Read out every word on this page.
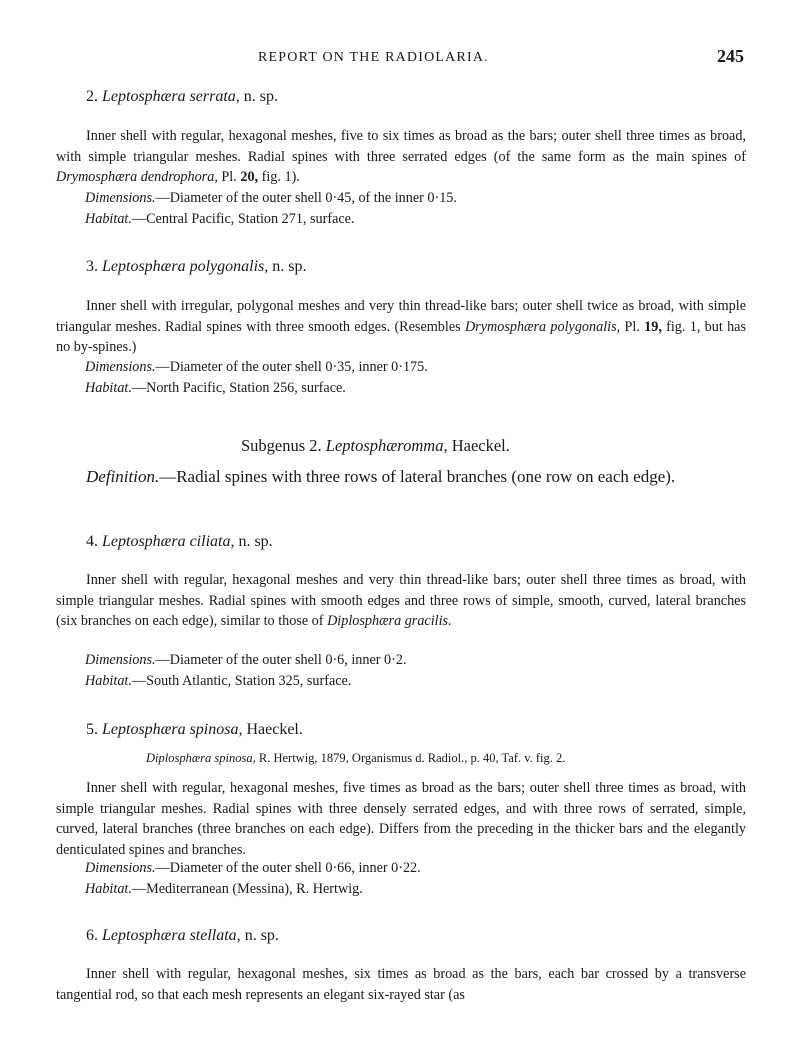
REPORT ON THE RADIOLARIA.	245
2. Leptosphæra serrata, n. sp.
Inner shell with regular, hexagonal meshes, five to six times as broad as the bars; outer shell three times as broad, with simple triangular meshes. Radial spines with three serrated edges (of the same form as the main spines of Drymosphæra dendrophora, Pl. 20, fig. 1).
Dimensions.—Diameter of the outer shell 0·45, of the inner 0·15.
Habitat.—Central Pacific, Station 271, surface.
3. Leptosphæra polygonalis, n. sp.
Inner shell with irregular, polygonal meshes and very thin thread-like bars; outer shell twice as broad, with simple triangular meshes. Radial spines with three smooth edges. (Resembles Drymosphæra polygonalis, Pl. 19, fig. 1, but has no by-spines.)
Dimensions.—Diameter of the outer shell 0·35, inner 0·175.
Habitat.—North Pacific, Station 256, surface.
Subgenus 2. Leptosphæromma, Haeckel.
Definition.—Radial spines with three rows of lateral branches (one row on each edge).
4. Leptosphæra ciliata, n. sp.
Inner shell with regular, hexagonal meshes and very thin thread-like bars; outer shell three times as broad, with simple triangular meshes. Radial spines with smooth edges and three rows of simple, smooth, curved, lateral branches (six branches on each edge), similar to those of Diplosphæra gracilis.
Dimensions.—Diameter of the outer shell 0·6, inner 0·2.
Habitat.—South Atlantic, Station 325, surface.
5. Leptosphæra spinosa, Haeckel.
Diplosphæra spinosa, R. Hertwig, 1879, Organismus d. Radiol., p. 40, Taf. v. fig. 2.
Inner shell with regular, hexagonal meshes, five times as broad as the bars; outer shell three times as broad, with simple triangular meshes. Radial spines with three densely serrated edges, and with three rows of serrated, simple, curved, lateral branches (three branches on each edge). Differs from the preceding in the thicker bars and the elegantly denticulated spines and branches.
Dimensions.—Diameter of the outer shell 0·66, inner 0·22.
Habitat.—Mediterranean (Messina), R. Hertwig.
6. Leptosphæra stellata, n. sp.
Inner shell with regular, hexagonal meshes, six times as broad as the bars, each bar crossed by a transverse tangential rod, so that each mesh represents an elegant six-rayed star (as
